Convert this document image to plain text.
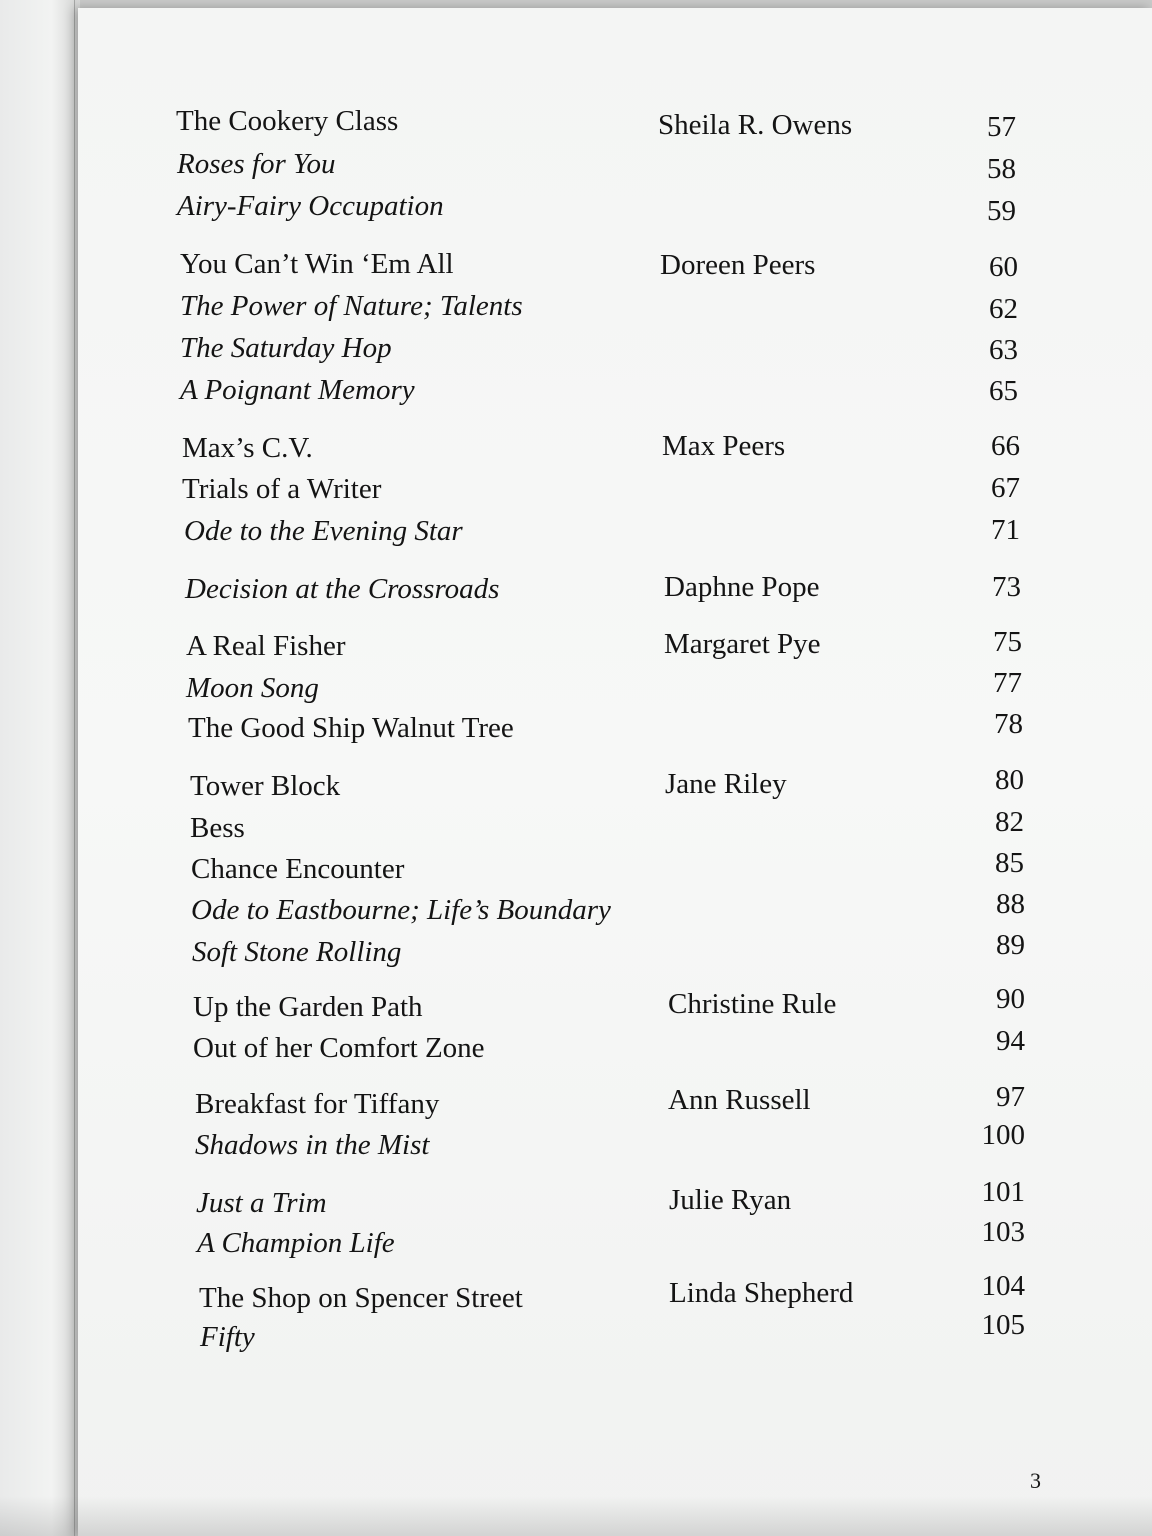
The Cookery Class	Sheila R. Owens	57
Roses for You	58
Airy-Fairy Occupation	59
You Can’t Win ‘Em All	Doreen Peers	60
The Power of Nature; Talents	62
The Saturday Hop	63
A Poignant Memory	65
Max’s C.V.	Max Peers	66
Trials of a Writer	67
Ode to the Evening Star	71
Decision at the Crossroads	Daphne Pope	73
A Real Fisher	Margaret Pye	75
Moon Song	77
The Good Ship Walnut Tree	78
Tower Block	Jane Riley	80
Bess	82
Chance Encounter	85
Ode to Eastbourne; Life’s Boundary	88
Soft Stone Rolling	89
Up the Garden Path	Christine Rule	90
Out of her Comfort Zone	94
Breakfast for Tiffany	Ann Russell	97
Shadows in the Mist	100
Just a Trim	Julie Ryan	101
A Champion Life	103
The Shop on Spencer Street	Linda Shepherd	104
Fifty	105
3
